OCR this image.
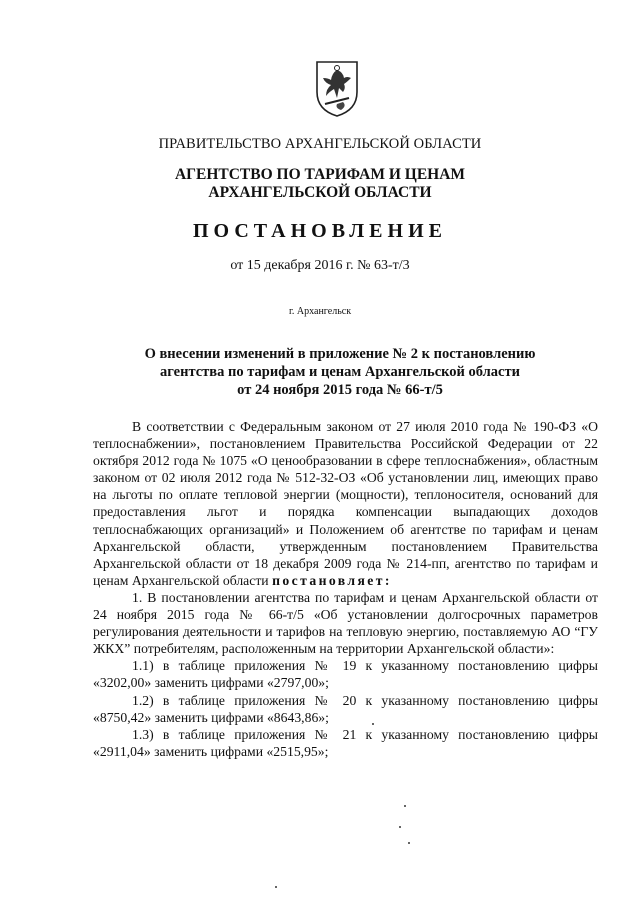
ПРАВИТЕЛЬСТВО АРХАНГЕЛЬСКОЙ ОБЛАСТИ
АГЕНТСТВО ПО ТАРИФАМ И ЦЕНАМ
АРХАНГЕЛЬСКОЙ ОБЛАСТИ
ПОСТАНОВЛЕНИЕ
от 15 декабря 2016 г. № 63-т/3
г. Архангельск
О внесении изменений в приложение № 2 к постановлению
агентства по тарифам и ценам Архангельской области
от 24 ноября 2015 года № 66-т/5

В соответствии с Федеральным законом от 27 июля 2010 года № 190-ФЗ «О теплоснабжении», постановлением Правительства Российской Федерации от 22 октября 2012 года № 1075 «О ценообразовании в сфере теплоснабжения», областным законом от 02 июля 2012 года № 512-32-ОЗ «Об установлении лиц, имеющих право на льготы по оплате тепловой энергии (мощности), теплоносителя, оснований для предоставления льгот и порядка компенсации выпадающих доходов теплоснабжающих организаций» и Положением об агентстве по тарифам и ценам Архангельской области, утвержденным постановлением Правительства Архангельской области от 18 декабря 2009 года № 214-пп, агентство по тарифам и ценам Архангельской области постановляет:

1. В постановлении агентства по тарифам и ценам Архангельской области от 24 ноября 2015 года № 66-т/5 «Об установлении долгосрочных параметров регулирования деятельности и тарифов на тепловую энергию, поставляемую АО “ГУ ЖКХ” потребителям, расположенным на территории Архангельской области»:

1.1) в таблице приложения № 19 к указанному постановлению цифры «3202,00» заменить цифрами «2797,00»;

1.2) в таблице приложения № 20 к указанному постановлению цифры «8750,42» заменить цифрами «8643,86»;

1.3) в таблице приложения № 21 к указанному постановлению цифры «2911,04» заменить цифрами «2515,95»;
